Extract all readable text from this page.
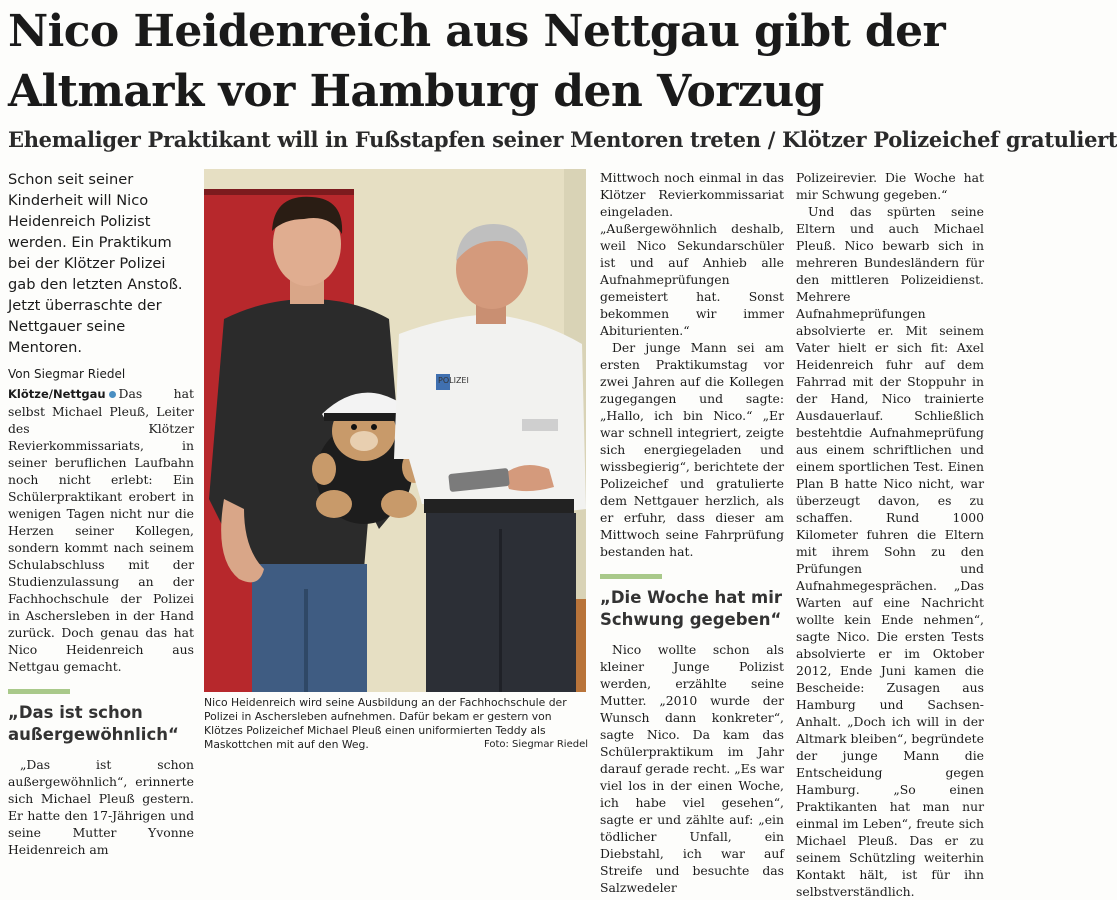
Nico Heidenreich aus Nettgau gibt der Altmark vor Hamburg den Vorzug
Ehemaliger Praktikant will in Fußstapfen seiner Mentoren treten / Klötzer Polizeichef gratuliert

Schon seit seiner Kinderheit will Nico Heidenreich Polizist werden. Ein Praktikum bei der Klötzer Polizei gab den letzten Anstoß. Jetzt überraschte der Nettgauer seine Mentoren.

Von Siegmar Riedel

Klötze/Nettgau Das hat selbst Michael Pleuß, Leiter des Klötzer Revierkommissariats, in seiner beruflichen Laufbahn noch nicht erlebt: Ein Schülerpraktikant erobert in wenigen Tagen nicht nur die Herzen seiner Kollegen, sondern kommt nach seinem Schulabschluss mit der Studienzulassung an der Fachhochschule der Polizei in Aschersleben in der Hand zurück. Doch genau das hat Nico Heidenreich aus Nettgau gemacht.

„Das ist schon außergewöhnlich“

„Das ist schon außergewöhnlich“, erinnerte sich Michael Pleuß gestern. Er hatte den 17-Jährigen und seine Mutter Yvonne Heidenreich am

POLIZEI
Nico Heidenreich wird seine Ausbildung an der Fachhochschule der Polizei in Aschersleben aufnehmen. Dafür bekam er gestern von Klötzes Polizeichef Michael Pleuß einen uniformierten Teddy als Maskottchen mit auf den Weg.	Foto: Siegmar Riedel

Mittwoch noch einmal in das Klötzer Revierkommissariat eingeladen. „Außergewöhnlich deshalb, weil Nico Sekundarschüler ist und auf Anhieb alle Aufnahmeprüfungen gemeistert hat. Sonst bekommen wir immer Abiturienten.“

Der junge Mann sei am ersten Praktikumstag vor zwei Jahren auf die Kollegen zugegangen und sagte: „Hallo, ich bin Nico.“ „Er war schnell integriert, zeigte sich energiegeladen und wissbegierig“, berichtete der Polizeichef und gratulierte dem Nettgauer herzlich, als er erfuhr, dass dieser am Mittwoch seine Fahrprüfung bestanden hat.

„Die Woche hat mir Schwung gegeben“

Nico wollte schon als kleiner Junge Polizist werden, erzählte seine Mutter. „2010 wurde der Wunsch dann konkreter“, sagte Nico. Da kam das Schülerpraktikum im Jahr darauf gerade recht. „Es war viel los in der einen Woche, ich habe viel gesehen“, sagte er und zählte auf: „ein tödlicher Unfall, ein Diebstahl, ich war auf Streife und besuchte das Salzwedeler

Polizeirevier. Die Woche hat mir Schwung gegeben.“

Und das spürten seine Eltern und auch Michael Pleuß. Nico bewarb sich in mehreren Bundesländern für den mittleren Polizeidienst. Mehrere Aufnahmeprüfungen absolvierte er. Mit seinem Vater hielt er sich fit: Axel Heidenreich fuhr auf dem Fahrrad mit der Stoppuhr in der Hand, Nico trainierte Ausdauerlauf. Schließlich bestehtdie Aufnahmeprüfung aus einem schriftlichen und einem sportlichen Test. Einen Plan B hatte Nico nicht, war überzeugt davon, es zu schaffen. Rund 1000 Kilometer fuhren die Eltern mit ihrem Sohn zu den Prüfungen und Aufnahmegesprächen. „Das Warten auf eine Nachricht wollte kein Ende nehmen“, sagte Nico. Die ersten Tests absolvierte er im Oktober 2012, Ende Juni kamen die Bescheide: Zusagen aus Hamburg und Sachsen-Anhalt. „Doch ich will in der Altmark bleiben“, begründete der junge Mann die Entscheidung gegen Hamburg. „So einen Praktikanten hat man nur einmal im Leben“, freute sich Michael Pleuß. Das er zu seinem Schützling weiterhin Kontakt hält, ist für ihn selbstverständlich.
